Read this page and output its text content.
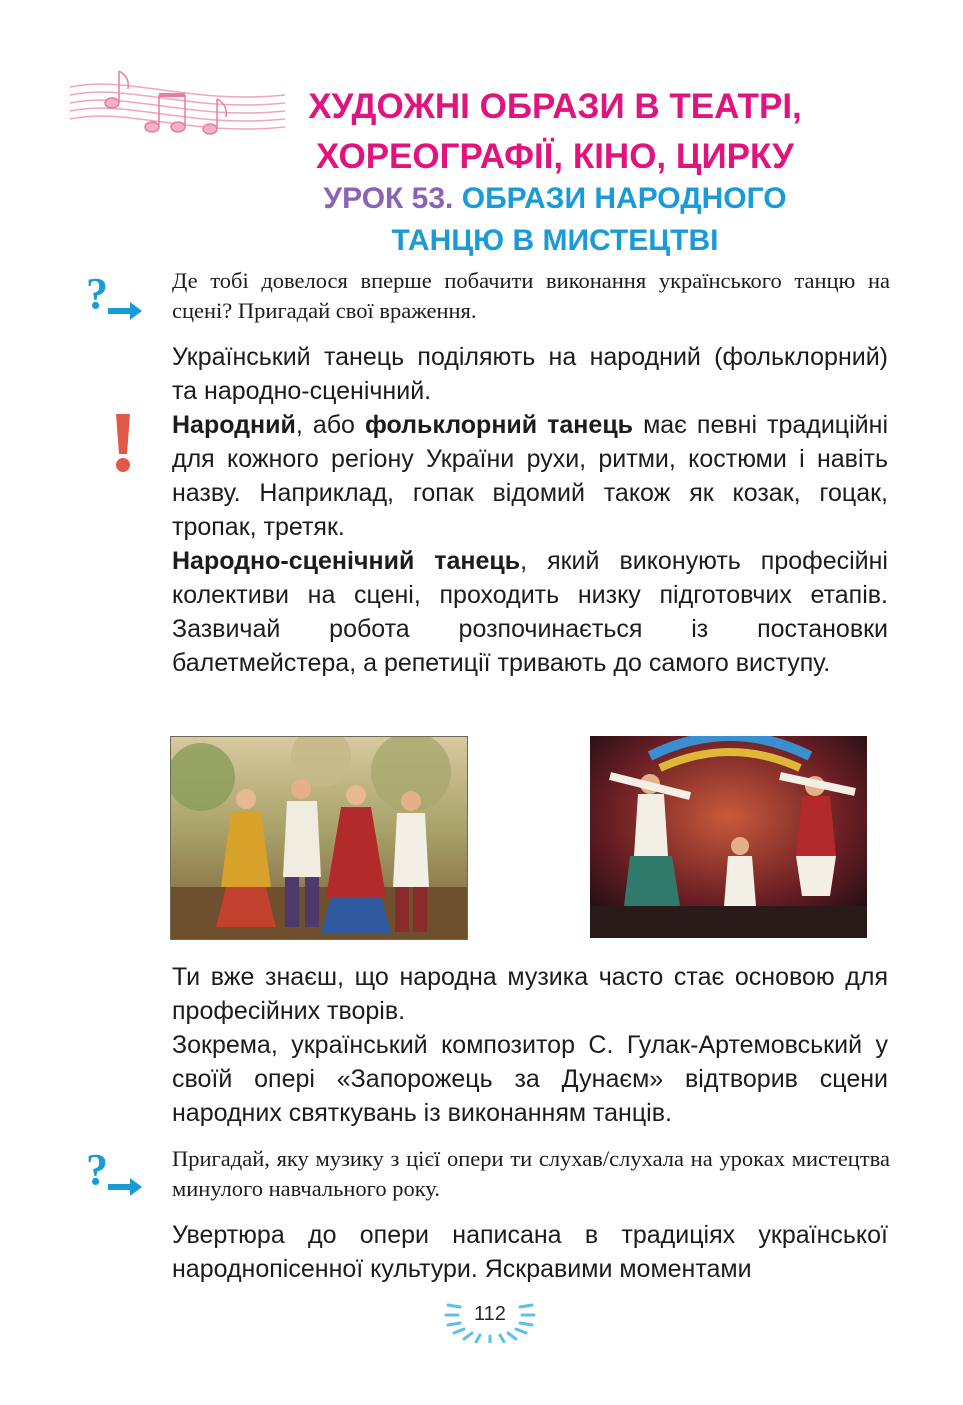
ХУДОЖНІ ОБРАЗИ В ТЕАТРІ,
ХОРЕОГРАФІЇ, КІНО, ЦИРКУ
УРОК 53. ОБРАЗИ НАРОДНОГО
ТАНЦЮ В МИСТЕЦТВІ
?	Де тобі довелося вперше побачити виконання українського танцю на сцені? Пригадай свої враження.
Український танець поділяють на народний (фольклорний) та народно-сценічний.
Народний, або фольклорний танець має певні традиційні для кожного регіону України рухи, ритми, костюми і навіть назву. Наприклад, гопак відомий також як козак, гоцак, тропак, третяк.
Народно-сценічний танець, який виконують професійні колективи на сцені, проходить низку підготовчих етапів. Зазвичай робота розпочинається із постановки балетмейстера, а репетиції тривають до самого виступу.
Ти вже знаєш, що народна музика часто стає основою для професійних творів.
Зокрема, український композитор С. Гулак-Артемовський у своїй опері «Запорожець за Дунаєм» відтворив сцени народних святкувань із виконанням танців.
?	Пригадай, яку музику з цієї опери ти слухав/слухала на уроках мистецтва минулого навчального року.
Увертюра до опери написана в традиціях української народнопісенної культури. Яскравими моментами
112
